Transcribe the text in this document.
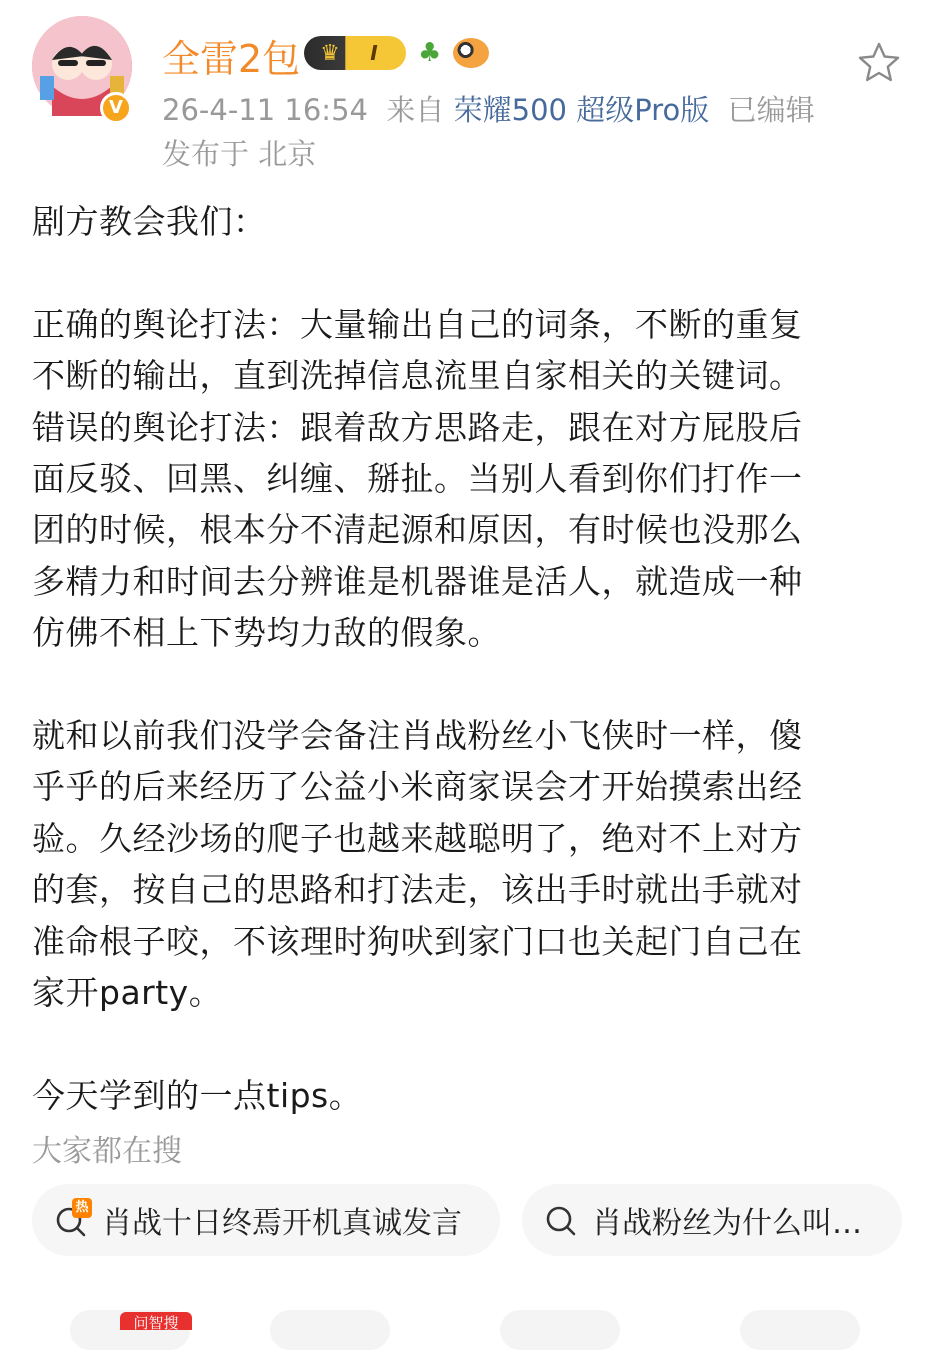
V
全雷2包 ♛	I	♣
26-4-11 16:54 来自 荣耀500 超级Pro版 已编辑
发布于 北京

剧方教会我们：

正确的舆论打法：大量输出自己的词条，不断的重复

不断的输出，直到洗掉信息流里自家相关的关键词。

错误的舆论打法：跟着敌方思路走，跟在对方屁股后

面反驳、回黑、纠缠、掰扯。当别人看到你们打作一

团的时候，根本分不清起源和原因，有时候也没那么

多精力和时间去分辨谁是机器谁是活人，就造成一种

仿佛不相上下势均力敌的假象。

就和以前我们没学会备注肖战粉丝小飞侠时一样，傻

乎乎的后来经历了公益小米商家误会才开始摸索出经

验。久经沙场的爬子也越来越聪明了，绝对不上对方

的套，按自己的思路和打法走，该出手时就出手就对

准命根子咬，不该理时狗吠到家门口也关起门自己在

家开party。

今天学到的一点tips。

大家都在搜
热 肖战十日终焉开机真诚发言	肖战粉丝为什么叫…
问智搜
